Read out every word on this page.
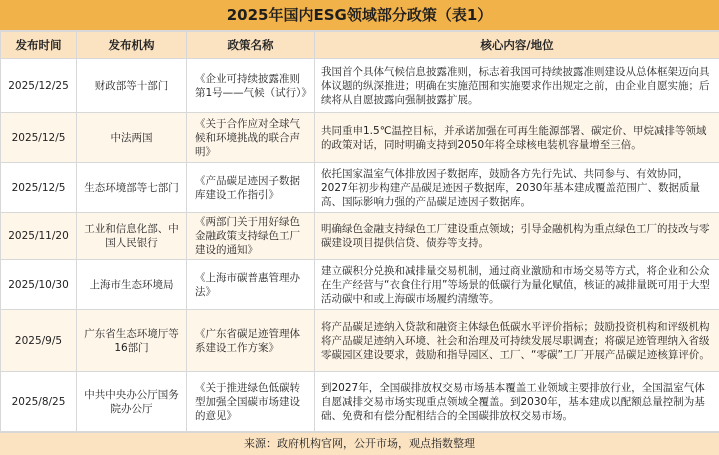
2025年国内ESG领域部分政策（表1）
发布时间	发布机构	政策名称	核心内容/地位
2025/12/25	财政部等十部门	《企业可持续披露准则第1号——气候（试行）》	我国首个具体气候信息披露准则，标志着我国可持续披露准则建设从总体框架迈向具体议题的纵深推进；明确在实施范围和实施要求作出规定之前，由企业自愿实施；后续将从自愿披露向强制披露扩展。
2025/12/5	中法两国	《关于合作应对全球气候和环境挑战的联合声明》	共同重申1.5℃温控目标，并承诺加强在可再生能源部署、碳定价、甲烷减排等领域的政策对话，同时明确支持到2050年将全球核电装机容量增至三倍。
2025/12/5	生态环境部等七部门	《产品碳足迹因子数据库建设工作指引》	依托国家温室气体排放因子数据库，鼓励各方先行先试、共同参与、有效协同，2027年初步构建产品碳足迹因子数据库，2030年基本建成覆盖范围广、数据质量高、国际影响力强的产品碳足迹因子数据库。
2025/11/20	工业和信息化部、中国人民银行	《两部门关于用好绿色金融政策支持绿色工厂建设的通知》	明确绿色金融支持绿色工厂建设重点领域；引导金融机构为重点绿色工厂的技改与零碳建设项目提供信贷、债券等支持。
2025/10/30	上海市生态环境局	《上海市碳普惠管理办法》	建立碳积分兑换和减排量交易机制，通过商业激励和市场交易等方式，将企业和公众在生产经营与“衣食住行用”等场景的低碳行为量化赋值，核证的减排量既可用于大型活动碳中和或上海碳市场履约清缴等。
2025/9/5	广东省生态环境厅等16部门	《广东省碳足迹管理体系建设工作方案》	将产品碳足迹纳入贷款和融资主体绿色低碳水平评价指标；鼓励投资机构和评级机构将产品碳足迹纳入环境、社会和治理及可持续发展尽职调查；将碳足迹管理纳入省级零碳园区建设要求，鼓励和指导园区、工厂、“零碳”工厂开展产品碳足迹核算评价。
2025/8/25	中共中央办公厅国务院办公厅	《关于推进绿色低碳转型加强全国碳市场建设的意见》	到2027年，全国碳排放权交易市场基本覆盖工业领域主要排放行业，全国温室气体自愿减排交易市场实现重点领域全覆盖。到2030年，基本建成以配额总量控制为基础、免费和有偿分配相结合的全国碳排放权交易市场。
来源：政府机构官网，公开市场，观点指数整理
